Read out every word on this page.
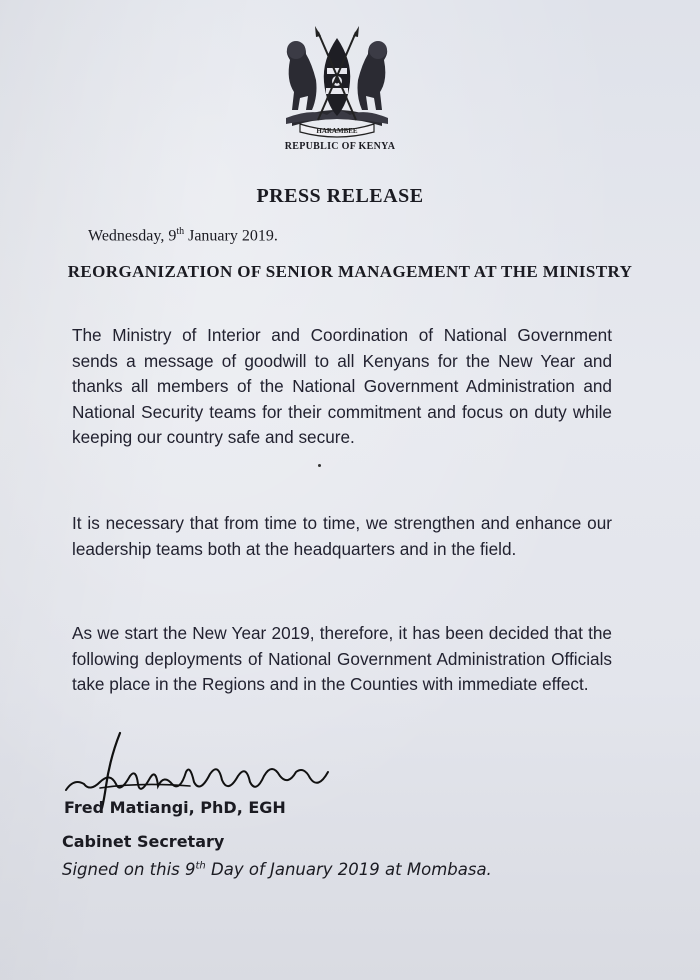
HARAMBEE
REPUBLIC OF KENYA
PRESS RELEASE
Wednesday, 9th January 2019.
REORGANIZATION OF SENIOR MANAGEMENT AT THE MINISTRY
The Ministry of Interior and Coordination of National Government sends a message of goodwill to all Kenyans for the New Year and thanks all members of the National Government Administration and National Security teams for their commitment and focus on duty while keeping our country safe and secure.
It is necessary that from time to time, we strengthen and enhance our leadership teams both at the headquarters and in the field.
As we start the New Year 2019, therefore, it has been decided that the following deployments of National Government Administration Officials take place in the Regions and in the Counties with immediate effect.
Fred Matiangi, PhD, EGH
Cabinet Secretary
Signed on this 9th Day of January 2019 at Mombasa.
